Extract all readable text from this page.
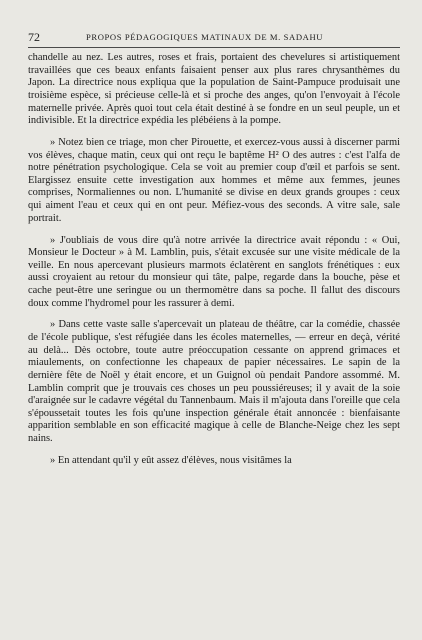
72	PROPOS PÉDAGOGIQUES MATINAUX DE M. SADAHU

chandelle au nez. Les autres, roses et frais, portaient des chevelures si artistiquement travaillées que ces beaux enfants faisaient penser aux plus rares chrysanthèmes du Japon. La directrice nous expliqua que la population de Saint-Pampuce produisait une troisième espèce, si précieuse celle-là et si proche des anges, qu'on l'envoyait à l'école maternelle privée. Après quoi tout cela était destiné à se fondre en un seul peuple, un et indivisible. Et la directrice expédia les plébéiens à la pompe.

» Notez bien ce triage, mon cher Pirouette, et exercez-vous aussi à discerner parmi vos élèves, chaque matin, ceux qui ont reçu le baptême H² O des autres : c'est l'alfa de notre pénétration psychologique. Cela se voit au premier coup d'œil et parfois se sent. Elargissez ensuite cette investigation aux hommes et même aux femmes, jeunes comprises, Normaliennes ou non. L'humanité se divise en deux grands groupes : ceux qui aiment l'eau et ceux qui en ont peur. Méfiez-vous des seconds. A vitre sale, sale portrait.

» J'oubliais de vous dire qu'à notre arrivée la directrice avait répondu : « Oui, Monsieur le Docteur » à M. Lamblin, puis, s'était excusée sur une visite médicale de la veille. En nous apercevant plusieurs marmots éclatèrent en sanglots frénétiques : eux aussi croyaient au retour du monsieur qui tâte, palpe, regarde dans la bouche, pèse et cache peut-être une seringue ou un thermomètre dans sa poche. Il fallut des discours doux comme l'hydromel pour les rassurer à demi.

» Dans cette vaste salle s'apercevait un plateau de théâtre, car la comédie, chassée de l'école publique, s'est réfugiée dans les écoles maternelles, — erreur en deçà, vérité au delà... Dès octobre, toute autre préoccupation cessante on apprend grimaces et miaulements, on confectionne les chapeaux de papier nécessaires. Le sapin de la dernière fête de Noël y était encore, et un Guignol où pendait Pandore assommé. M. Lamblin comprit que je trouvais ces choses un peu poussiéreuses; il y avait de la soie d'araignée sur le cadavre végétal du Tannenbaum. Mais il m'ajouta dans l'oreille que cela s'époussetait toutes les fois qu'une inspection générale était annoncée : bienfaisante apparition semblable en son efficacité magique à celle de Blanche-Neige chez les sept nains.

» En attendant qu'il y eût assez d'élèves, nous visitâmes la
